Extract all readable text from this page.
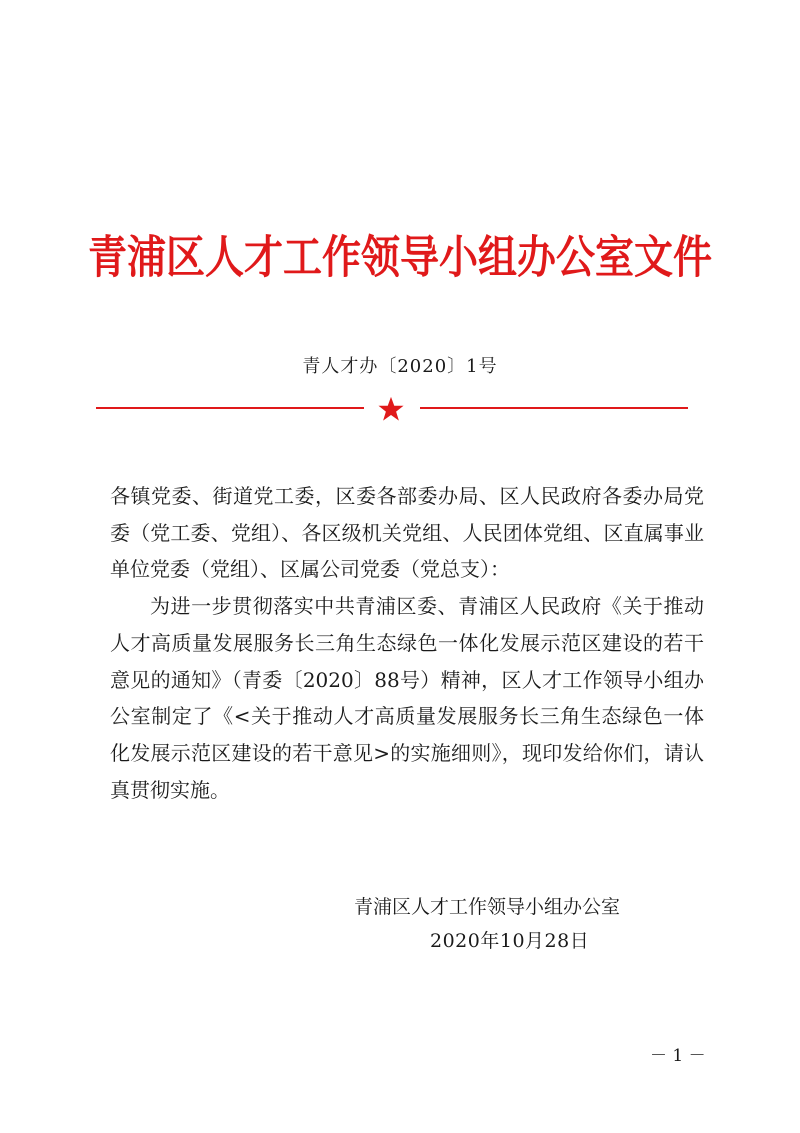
青浦区人才工作领导小组办公室文件
青人才办〔2020〕1号

各镇党委、街道党工委，区委各部委办局、区人民政府各委办局党委（党工委、党组）、各区级机关党组、人民团体党组、区直属事业单位党委（党组）、区属公司党委（党总支）：

为进一步贯彻落实中共青浦区委、青浦区人民政府《关于推动人才高质量发展服务长三角生态绿色一体化发展示范区建设的若干意见的通知》（青委〔2020〕88号）精神，区人才工作领导小组办公室制定了《<关于推动人才高质量发展服务长三角生态绿色一体化发展示范区建设的若干意见>的实施细则》，现印发给你们，请认真贯彻实施。

青浦区人才工作领导小组办公室
2020年10月28日
－ 1 －
